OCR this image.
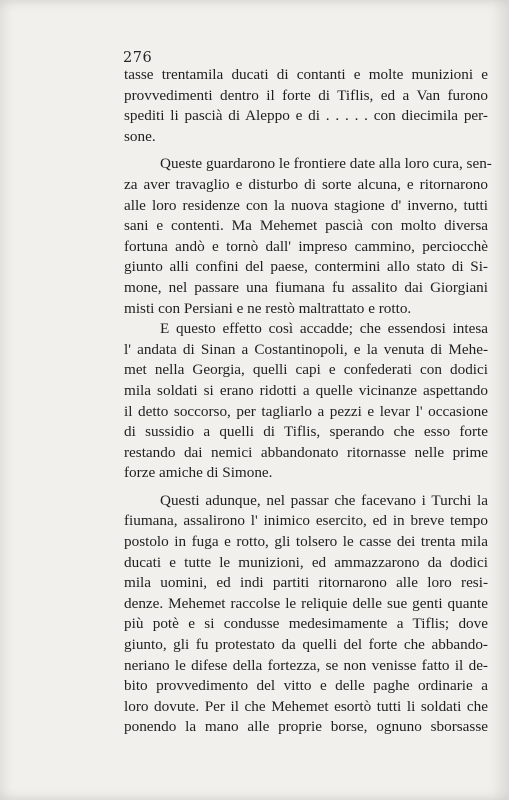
276
tasse trentamila ducati di contanti e molte munizioni e
provvedimenti dentro il forte di Tiflis, ed a Van furono
spediti li pascià di Aleppo e di . . . . . con diecimila per-
sone.
Queste guardarono le frontiere date alla loro cura, sen-
za aver travaglio e disturbo di sorte alcuna, e ritornarono
alle loro residenze con la nuova stagione d' inverno, tutti
sani e contenti. Ma Mehemet pascià con molto diversa
fortuna andò e tornò dall' impreso cammino, perciocchè
giunto alli confini del paese, contermini allo stato di Si-
mone, nel passare una fiumana fu assalito dai Giorgiani
misti con Persiani e ne restò maltrattato e rotto.
E questo effetto così accadde; che essendosi intesa
l' andata di Sinan a Costantinopoli, e la venuta di Mehe-
met nella Georgia, quelli capi e confederati con dodici
mila soldati si erano ridotti a quelle vicinanze aspettando
il detto soccorso, per tagliarlo a pezzi e levar l' occasione
di sussidio a quelli di Tiflis, sperando che esso forte
restando dai nemici abbandonato ritornasse nelle prime
forze amiche di Simone.
Questi adunque, nel passar che facevano i Turchi la
fiumana, assalirono l' inimico esercito, ed in breve tempo
postolo in fuga e rotto, gli tolsero le casse dei trenta mila
ducati e tutte le munizioni, ed ammazzarono da dodici
mila uomini, ed indi partiti ritornarono alle loro resi-
denze. Mehemet raccolse le reliquie delle sue genti quante
più potè e si condusse medesimamente a Tiflis; dove
giunto, gli fu protestato da quelli del forte che abbando-
neriano le difese della fortezza, se non venisse fatto il de-
bito provvedimento del vitto e delle paghe ordinarie a
loro dovute. Per il che Mehemet esortò tutti li soldati che
ponendo la mano alle proprie borse, ognuno sborsasse
